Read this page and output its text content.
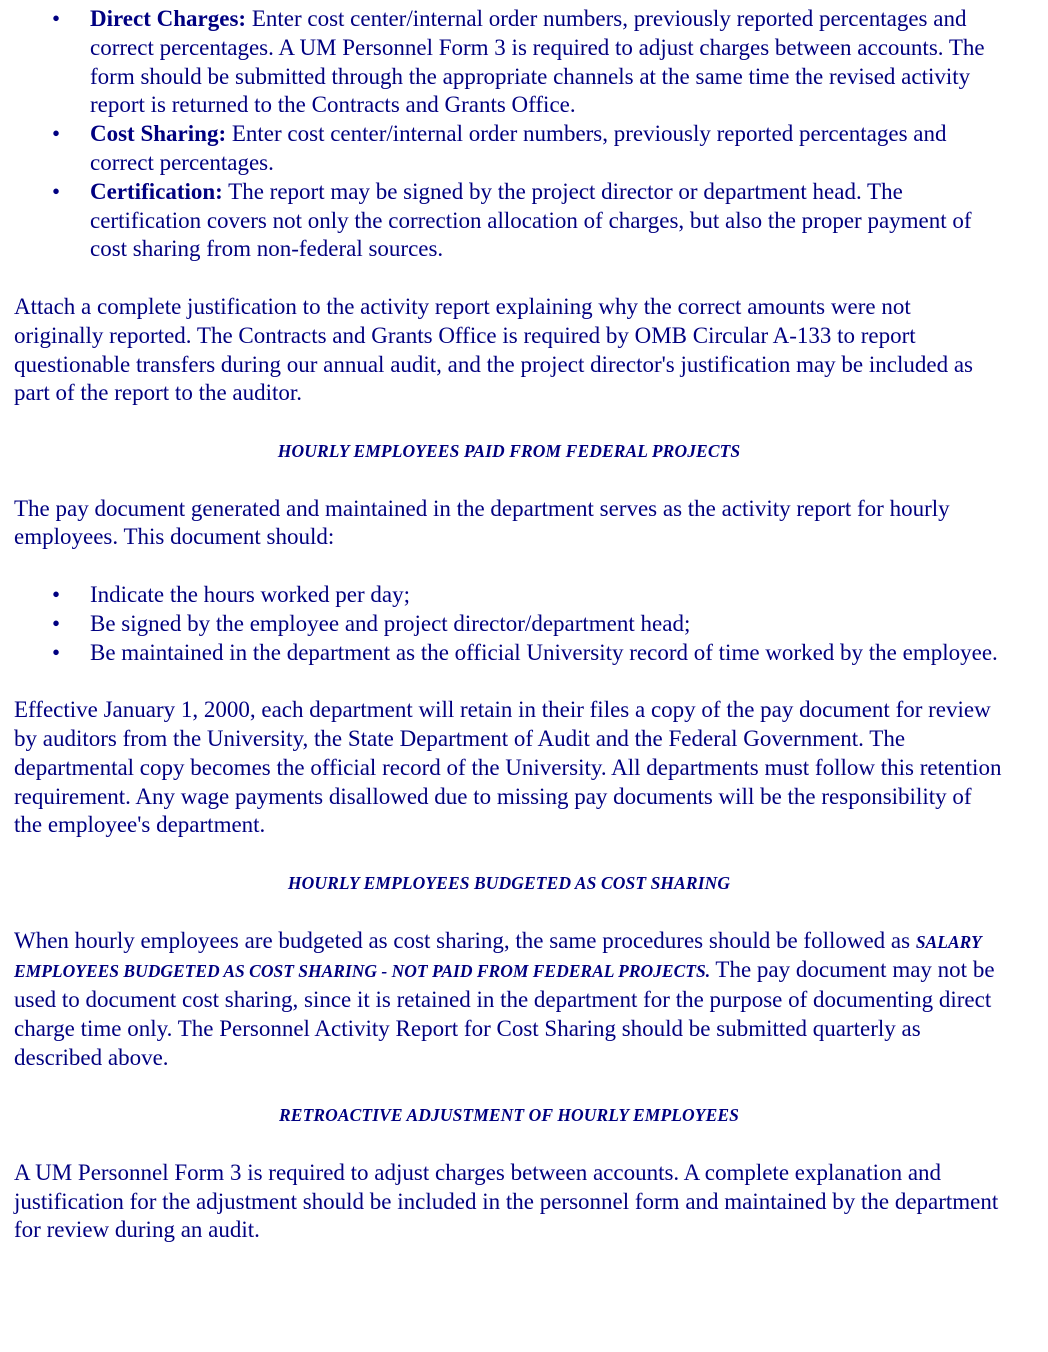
• Direct Charges: Enter cost center/internal order numbers, previously reported percentages and correct percentages. A UM Personnel Form 3 is required to adjust charges between accounts. The form should be submitted through the appropriate channels at the same time the revised activity report is returned to the Contracts and Grants Office.
• Cost Sharing: Enter cost center/internal order numbers, previously reported percentages and correct percentages.
• Certification: The report may be signed by the project director or department head. The certification covers not only the correction allocation of charges, but also the proper payment of cost sharing from non-federal sources.

Attach a complete justification to the activity report explaining why the correct amounts were not originally reported. The Contracts and Grants Office is required by OMB Circular A-133 to report questionable transfers during our annual audit, and the project director's justification may be included as part of the report to the auditor.

HOURLY EMPLOYEES PAID FROM FEDERAL PROJECTS

The pay document generated and maintained in the department serves as the activity report for hourly employees. This document should:

• Indicate the hours worked per day;
• Be signed by the employee and project director/department head;
• Be maintained in the department as the official University record of time worked by the employee.

Effective January 1, 2000, each department will retain in their files a copy of the pay document for review by auditors from the University, the State Department of Audit and the Federal Government. The departmental copy becomes the official record of the University. All departments must follow this retention requirement. Any wage payments disallowed due to missing pay documents will be the responsibility of the employee's department.

HOURLY EMPLOYEES BUDGETED AS COST SHARING

When hourly employees are budgeted as cost sharing, the same procedures should be followed as SALARY EMPLOYEES BUDGETED AS COST SHARING - NOT PAID FROM FEDERAL PROJECTS. The pay document may not be used to document cost sharing, since it is retained in the department for the purpose of documenting direct charge time only. The Personnel Activity Report for Cost Sharing should be submitted quarterly as described above.

RETROACTIVE ADJUSTMENT OF HOURLY EMPLOYEES

A UM Personnel Form 3 is required to adjust charges between accounts. A complete explanation and justification for the adjustment should be included in the personnel form and maintained by the department for review during an audit.
